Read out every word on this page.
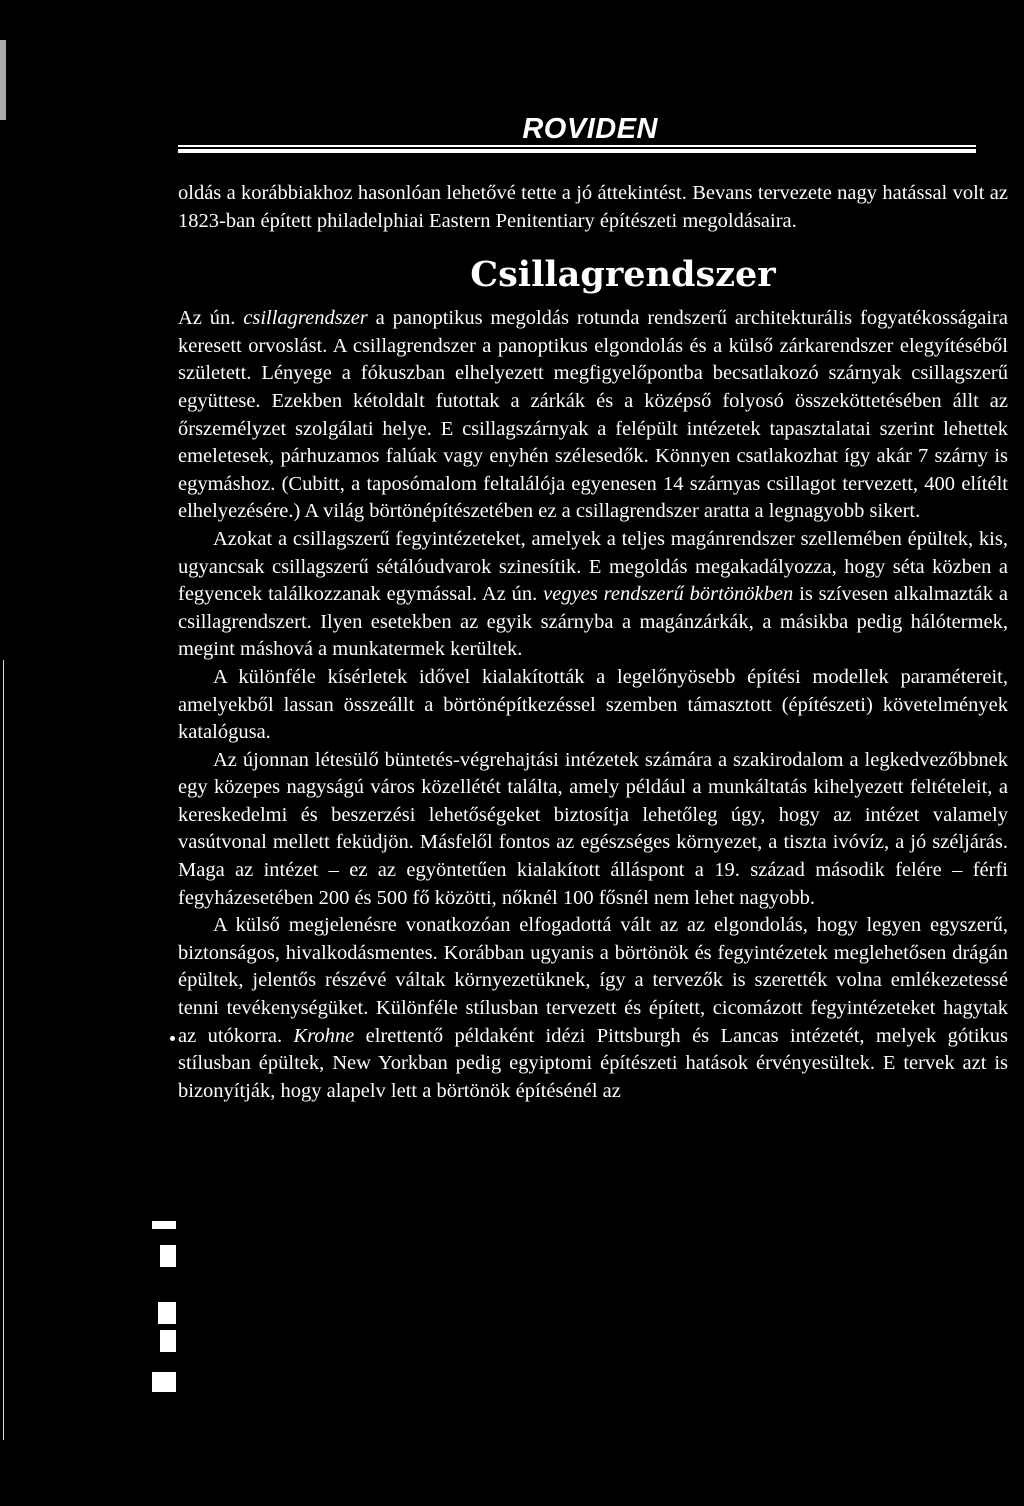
ROVIDEN

oldás a korábbiakhoz hasonlóan lehetővé tette a jó áttekintést. Bevans tervezete nagy hatással volt az 1823-ban épített philadelphiai Eastern Penitentiary építészeti megoldásaira.

Csillagrendszer

Az ún. csillagrendszer a panoptikus megoldás rotunda rendszerű architekturális fogyatékosságaira keresett orvoslást. A csillagrendszer a panoptikus elgondolás és a külső zárkarendszer elegyítéséből született. Lényege a fókuszban elhelyezett megfigyelőpontba becsatlakozó szárnyak csillagszerű együttese. Ezekben kétoldalt futottak a zárkák és a középső folyosó összeköttetésében állt az őrszemélyzet szolgálati helye. E csillagszárnyak a felépült intézetek tapasztalatai szerint lehettek emeletesek, párhuzamos falúak vagy enyhén szélesedők. Könnyen csatlakozhat így akár 7 szárny is egymáshoz. (Cubitt, a taposómalom feltalálója egyenesen 14 szárnyas csillagot tervezett, 400 elítélt elhelyezésére.) A világ börtönépítészetében ez a csillagrendszer aratta a legnagyobb sikert.

Azokat a csillagszerű fegyintézeteket, amelyek a teljes magánrendszer szellemében épültek, kis, ugyancsak csillagszerű sétálóudvarok szinesítik. E megoldás megakadályozza, hogy séta közben a fegyencek találkozzanak egymással. Az ún. vegyes rendszerű börtönökben is szívesen alkalmazták a csillagrendszert. Ilyen esetekben az egyik szárnyba a magánzárkák, a másikba pedig hálótermek, megint máshová a munkatermek kerültek.

A különféle kísérletek idővel kialakították a legelőnyösebb építési modellek paramétereit, amelyekből lassan összeállt a börtönépítkezéssel szemben támasztott (építészeti) követelmények katalógusa.

Az újonnan létesülő büntetés-végrehajtási intézetek számára a szakirodalom a legkedvezőbbnek egy közepes nagyságú város közellétét találta, amely például a munkáltatás kihelyezett feltételeit, a kereskedelmi és beszerzési lehetőségeket biztosítja lehetőleg úgy, hogy az intézet valamely vasútvonal mellett feküdjön. Másfelől fontos az egészséges környezet, a tiszta ivóvíz, a jó széljárás. Maga az intézet – ez az egyöntetűen kialakított álláspont a 19. század második felére – férfi fegyházesetében 200 és 500 fő közötti, nőknél 100 fősnél nem lehet nagyobb.

A külső megjelenésre vonatkozóan elfogadottá vált az az elgondolás, hogy legyen egyszerű, biztonságos, hivalkodásmentes. Korábban ugyanis a börtönök és fegyintézetek meglehetősen drágán épültek, jelentős részévé váltak környezetüknek, így a tervezők is szerették volna emlékezetessé tenni tevékenységüket. Különféle stílusban tervezett és épített, cicomázott fegyintézeteket hagytak az utókorra. Krohne elrettentő példaként idézi Pittsburgh és Lancas intézetét, melyek gótikus stílusban épültek, New Yorkban pedig egyiptomi építészeti hatások érvényesültek. E tervek azt is bizonyítják, hogy alapelv lett a börtönök építésénél az
